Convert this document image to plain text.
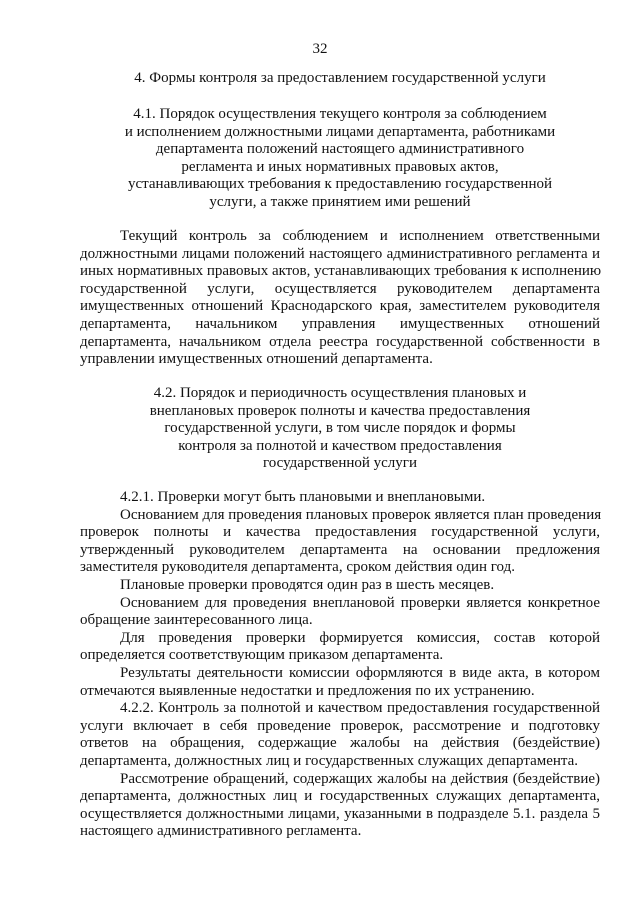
32
4. Формы контроля за предоставлением государственной услуги
4.1. Порядок осуществления текущего контроля за соблюдением
и исполнением должностными лицами департамента, работниками
департамента положений настоящего административного
регламента и иных нормативных правовых актов,
устанавливающих требования к предоставлению государственной
услуги, а также принятием ими решений
Текущий контроль за соблюдением и исполнением ответственными
должностными лицами положений настоящего административного регламента и
иных нормативных правовых актов, устанавливающих требования к исполнению
государственной услуги, осуществляется руководителем департамента
имущественных отношений Краснодарского края, заместителем руководителя
департамента, начальником управления имущественных отношений
департамента, начальником отдела реестра государственной собственности в
управлении имущественных отношений департамента.
4.2. Порядок и периодичность осуществления плановых и
внеплановых проверок полноты и качества предоставления
государственной услуги, в том числе порядок и формы
контроля за полнотой и качеством предоставления
государственной услуги
4.2.1. Проверки могут быть плановыми и внеплановыми.
Основанием для проведения плановых проверок является план проведения
проверок полноты и качества предоставления государственной услуги,
утвержденный руководителем департамента на основании предложения
заместителя руководителя департамента, сроком действия один год.
Плановые проверки проводятся один раз в шесть месяцев.
Основанием для проведения внеплановой проверки является конкретное
обращение заинтересованного лица.
Для проведения проверки формируется комиссия, состав которой
определяется соответствующим приказом департамента.
Результаты деятельности комиссии оформляются в виде акта, в котором
отмечаются выявленные недостатки и предложения по их устранению.
4.2.2. Контроль за полнотой и качеством предоставления государственной
услуги включает в себя проведение проверок, рассмотрение и подготовку
ответов на обращения, содержащие жалобы на действия (бездействие)
департамента, должностных лиц и государственных служащих департамента.
Рассмотрение обращений, содержащих жалобы на действия (бездействие)
департамента, должностных лиц и государственных служащих департамента,
осуществляется должностными лицами, указанными в подразделе 5.1. раздела 5
настоящего административного регламента.
